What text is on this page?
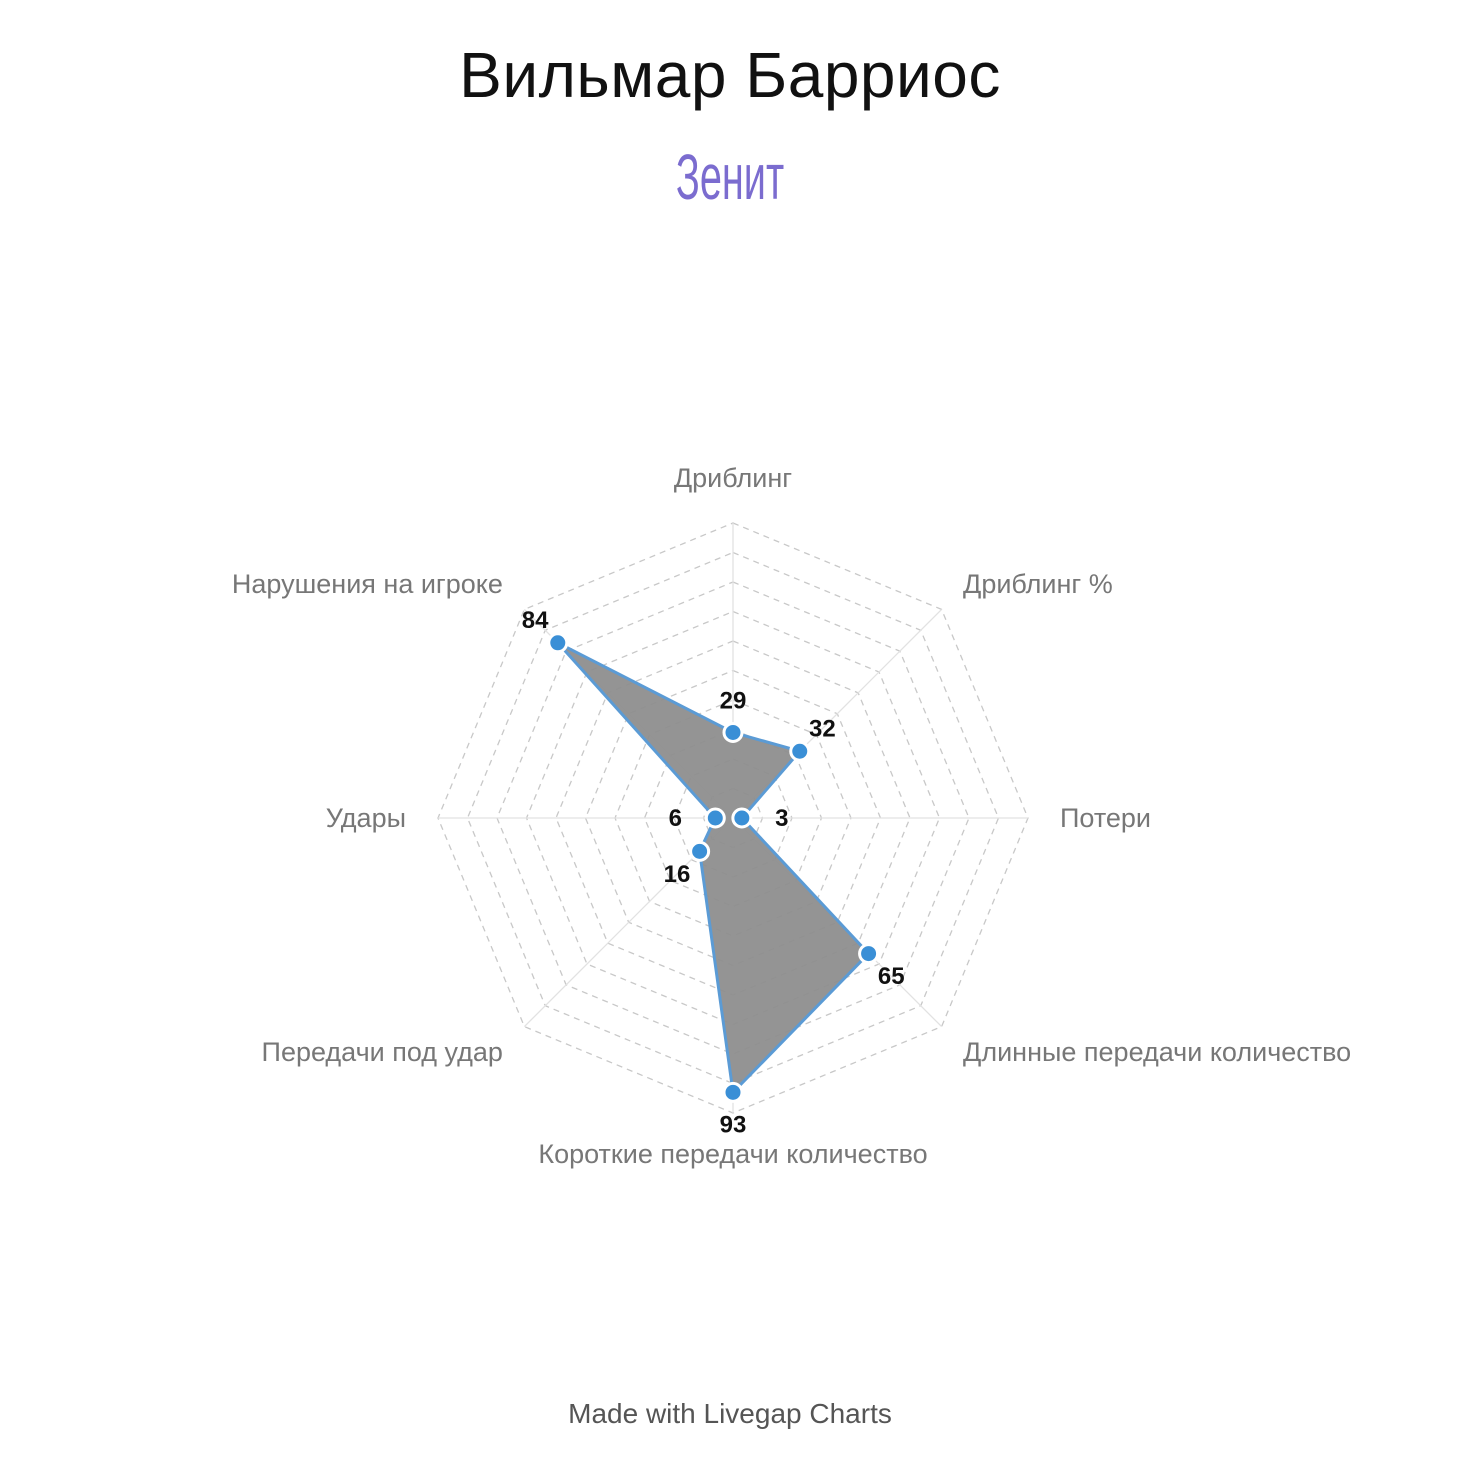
Вильмар Барриос
Зенит
29
32
3
65
93
16
6
84
Дриблинг
Дриблинг %
Потери
Длинные передачи количество
Короткие передачи количество
Передачи под удар
Удары
Нарушения на игроке
Made with Livegap Charts
